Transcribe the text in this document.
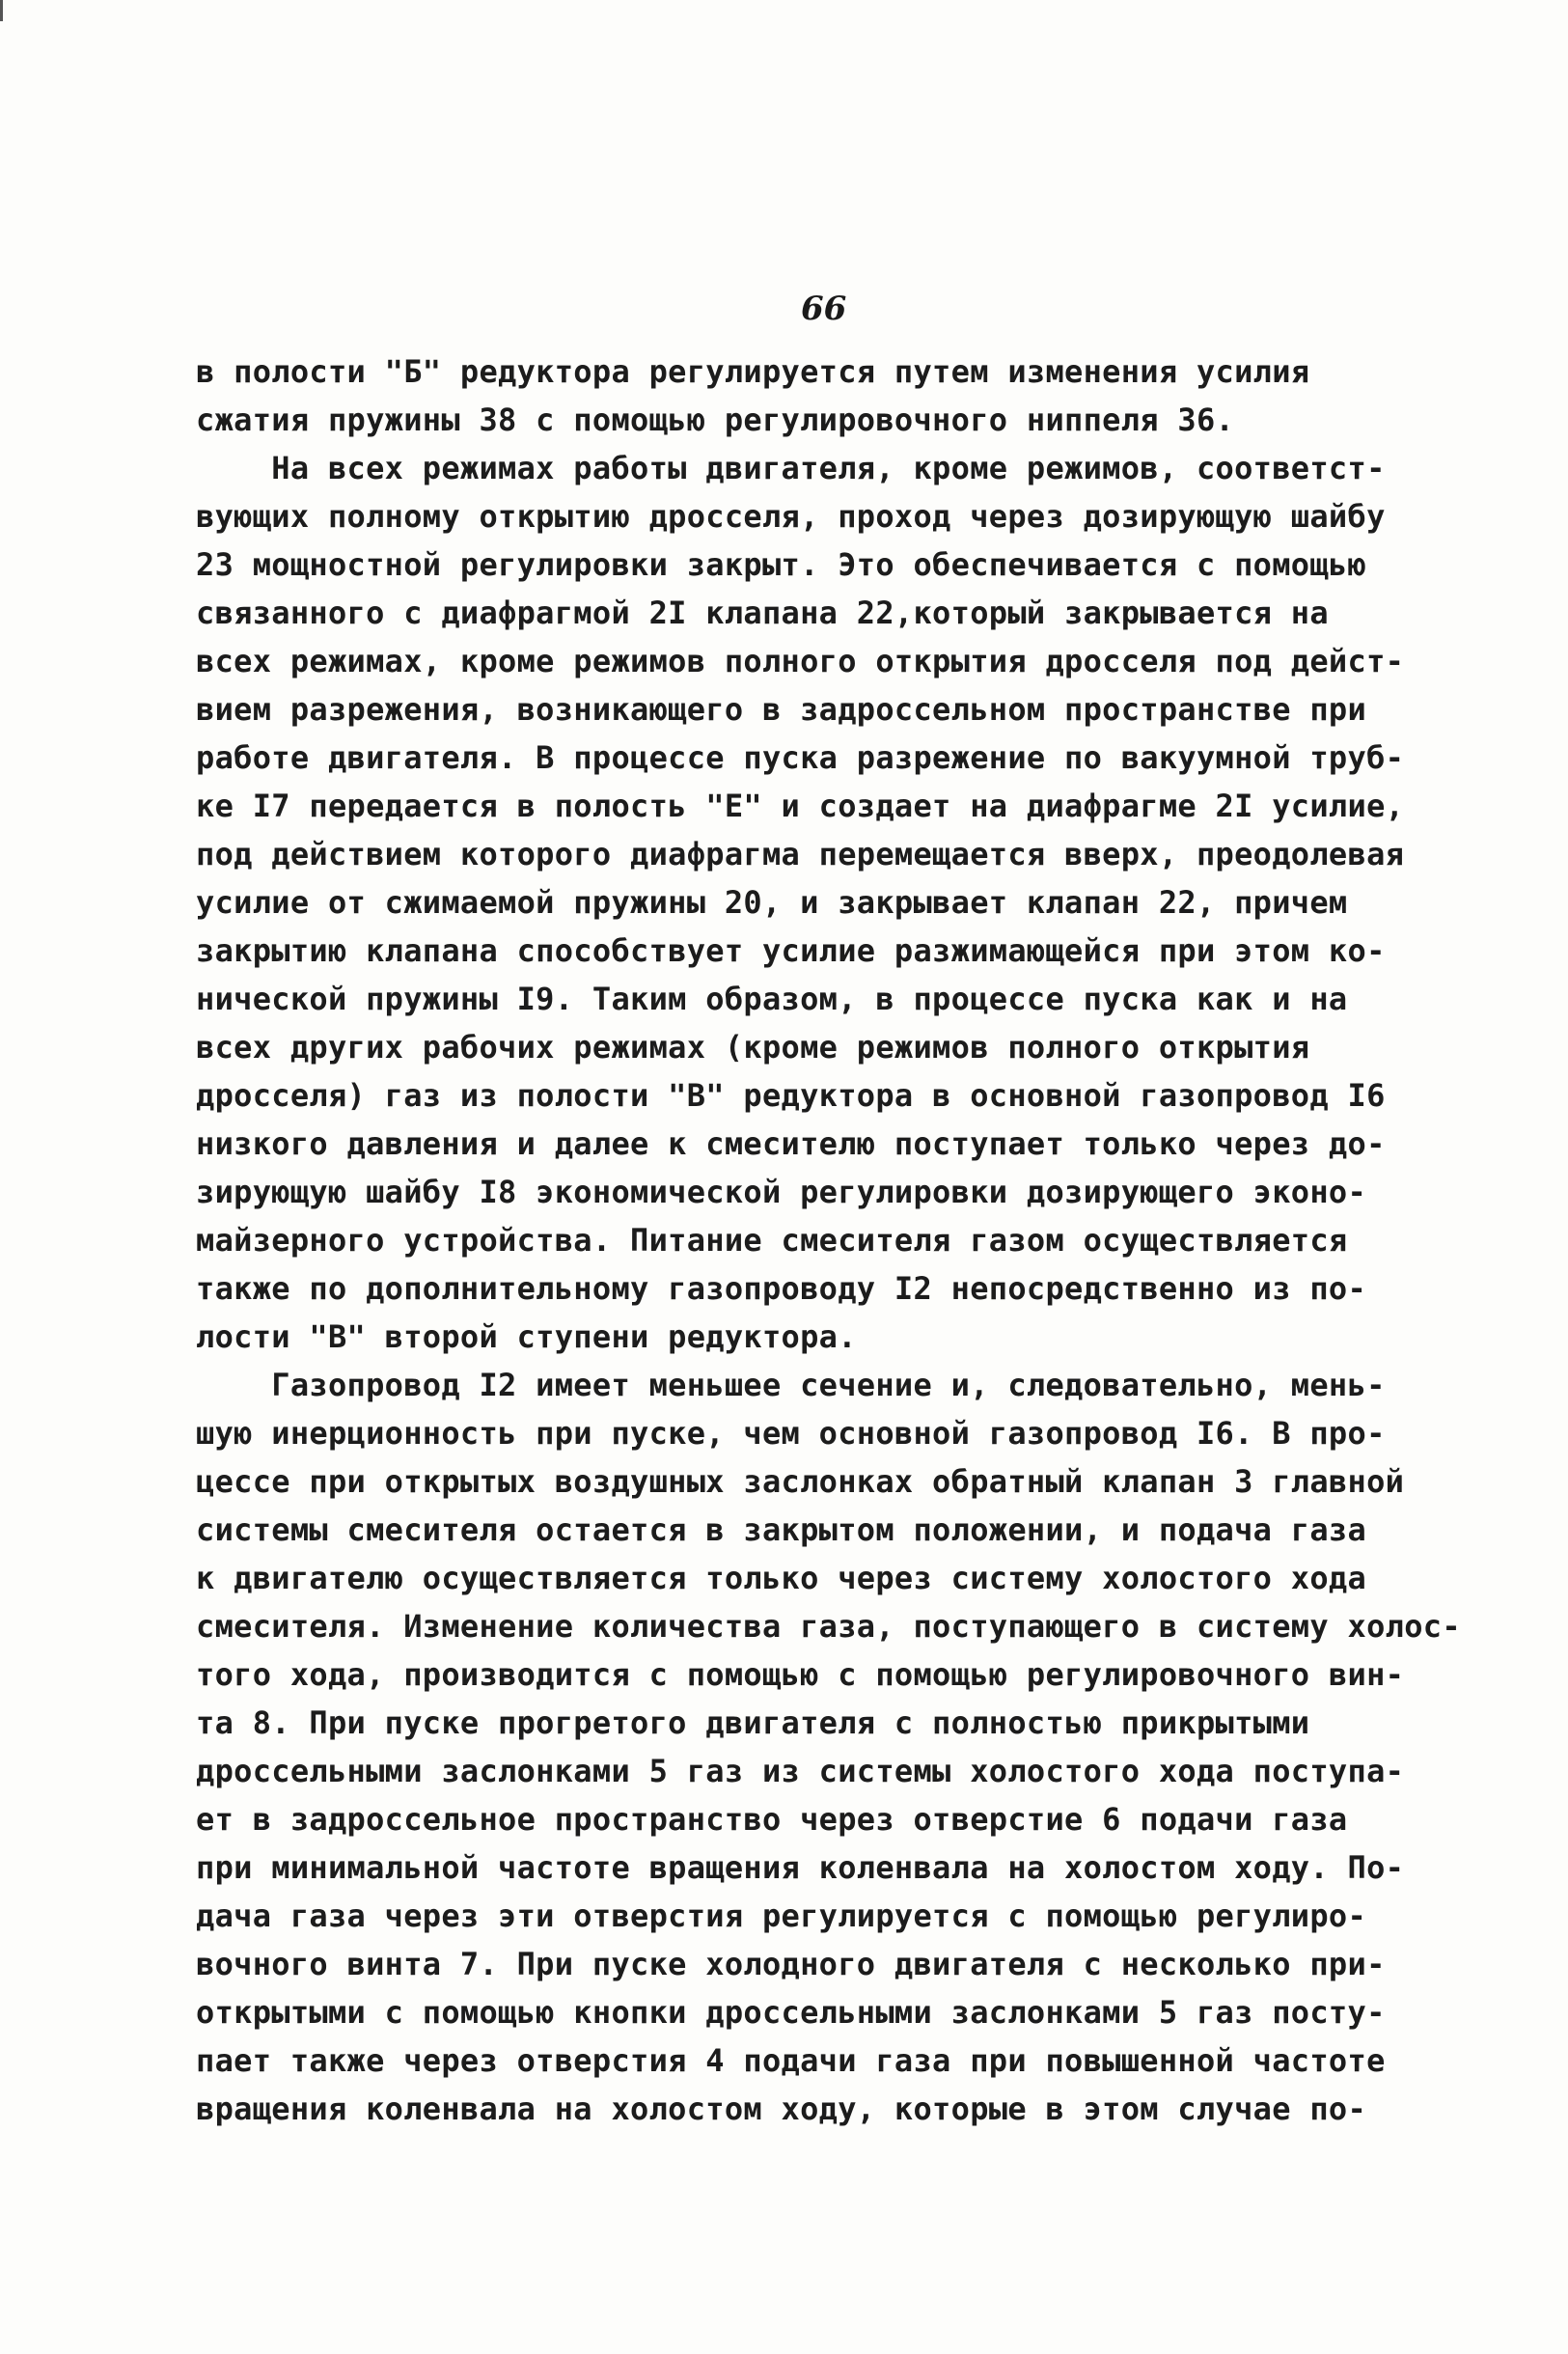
66
в полости "Б" редуктора регулируется путем изменения усилия
сжатия пружины 38 с помощью регулировочного ниппеля 36.
На всех режимах работы двигателя, кроме режимов, соответст-
вующих полному открытию дросселя, проход через дозирующую шайбу
23 мощностной регулировки закрыт. Это обеспечивается с помощью
связанного с диафрагмой 2I клапана 22,который закрывается на
всех режимах, кроме режимов полного открытия дросселя под дейст-
вием разрежения, возникающего в задроссельном пространстве при
работе двигателя. В процессе пуска разрежение по вакуумной труб-
ке I7 передается в полость "Е" и создает на диафрагме 2I усилие,
под действием которого диафрагма перемещается вверх, преодолевая
усилие от сжимаемой пружины 20, и закрывает клапан 22, причем
закрытию клапана способствует усилие разжимающейся при этом ко-
нической пружины I9. Таким образом, в процессе пуска как и на
всех других рабочих режимах (кроме режимов полного открытия
дросселя) газ из полости "В" редуктора в основной газопровод I6
низкого давления и далее к смесителю поступает только через до-
зирующую шайбу I8 экономической регулировки дозирующего эконо-
майзерного устройства. Питание смесителя газом осуществляется
также по дополнительному газопроводу I2 непосредственно из по-
лости "В" второй ступени редуктора.
Газопровод I2 имеет меньшее сечение и, следовательно, мень-
шую инерционность при пуске, чем основной газопровод I6. В про-
цессе при открытых воздушных заслонках обратный клапан 3 главной
системы смесителя остается в закрытом положении, и подача газа
к двигателю осуществляется только через систему холостого хода
смесителя. Изменение количества газа, поступающего в систему холос-
того хода, производится с помощью с помощью регулировочного вин-
та 8. При пуске прогретого двигателя с полностью прикрытыми
дроссельными заслонками 5 газ из системы холостого хода поступа-
ет в задроссельное пространство через отверстие 6 подачи газа
при минимальной частоте вращения коленвала на холостом ходу. По-
дача газа через эти отверстия регулируется с помощью регулиро-
вочного винта 7. При пуске холодного двигателя с несколько при-
открытыми с помощью кнопки дроссельными заслонками 5 газ посту-
пает также через отверстия 4 подачи газа при повышенной частоте
вращения коленвала на холостом ходу, которые в этом случае по-
